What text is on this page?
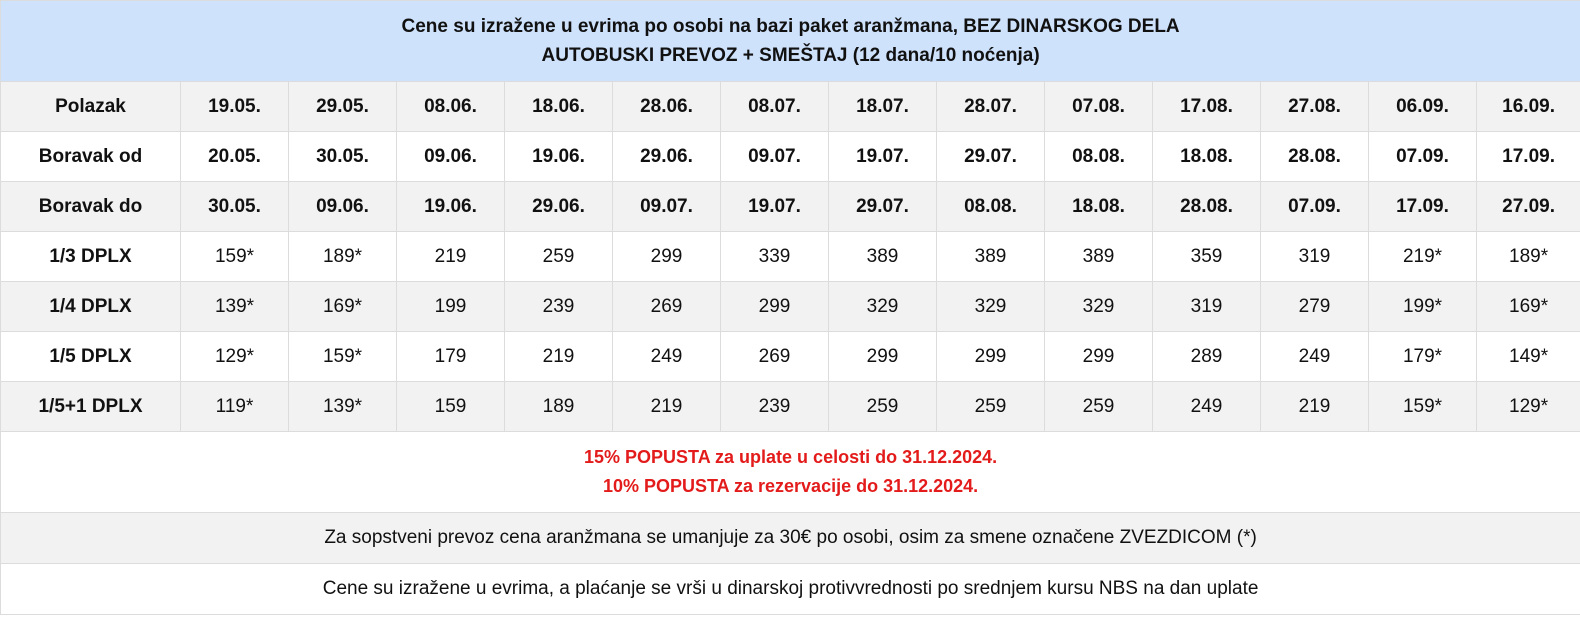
Cene su izražene u evrima po osobi na bazi paket aranžmana, BEZ DINARSKOG DELA
AUTOBUSKI PREVOZ + SMEŠTAJ (12 dana/10 noćenja)													

Polazak	19.05.	29.05.	08.06.	18.06.	28.06.	08.07.	18.07.	28.07.	07.08.	17.08.	27.08.	06.09.	16.09.
Boravak od	20.05.	30.05.	09.06.	19.06.	29.06.	09.07.	19.07.	29.07.	08.08.	18.08.	28.08.	07.09.	17.09.
Boravak do	30.05.	09.06.	19.06.	29.06.	09.07.	19.07.	29.07.	08.08.	18.08.	28.08.	07.09.	17.09.	27.09.
1/3 DPLX	159*	189*	219	259	299	339	389	389	389	359	319	219*	189*
1/4 DPLX	139*	169*	199	239	269	299	329	329	329	319	279	199*	169*
1/5 DPLX	129*	159*	179	219	249	269	299	299	299	289	249	179*	149*
1/5+1 DPLX	119*	139*	159	189	219	239	259	259	259	249	219	159*	129*

15% POPUSTA za uplate u celosti do 31.12.2024.
10% POPUSTA za rezervacije do 31.12.2024.													

Za sopstveni prevoz cena aranžmana se umanjuje za 30€ po osobi, osim za smene označene ZVEZDICOM (*)													
Cene su izražene u evrima, a plaćanje se vrši u dinarskoj protivvrednosti po srednjem kursu NBS na dan uplate													
